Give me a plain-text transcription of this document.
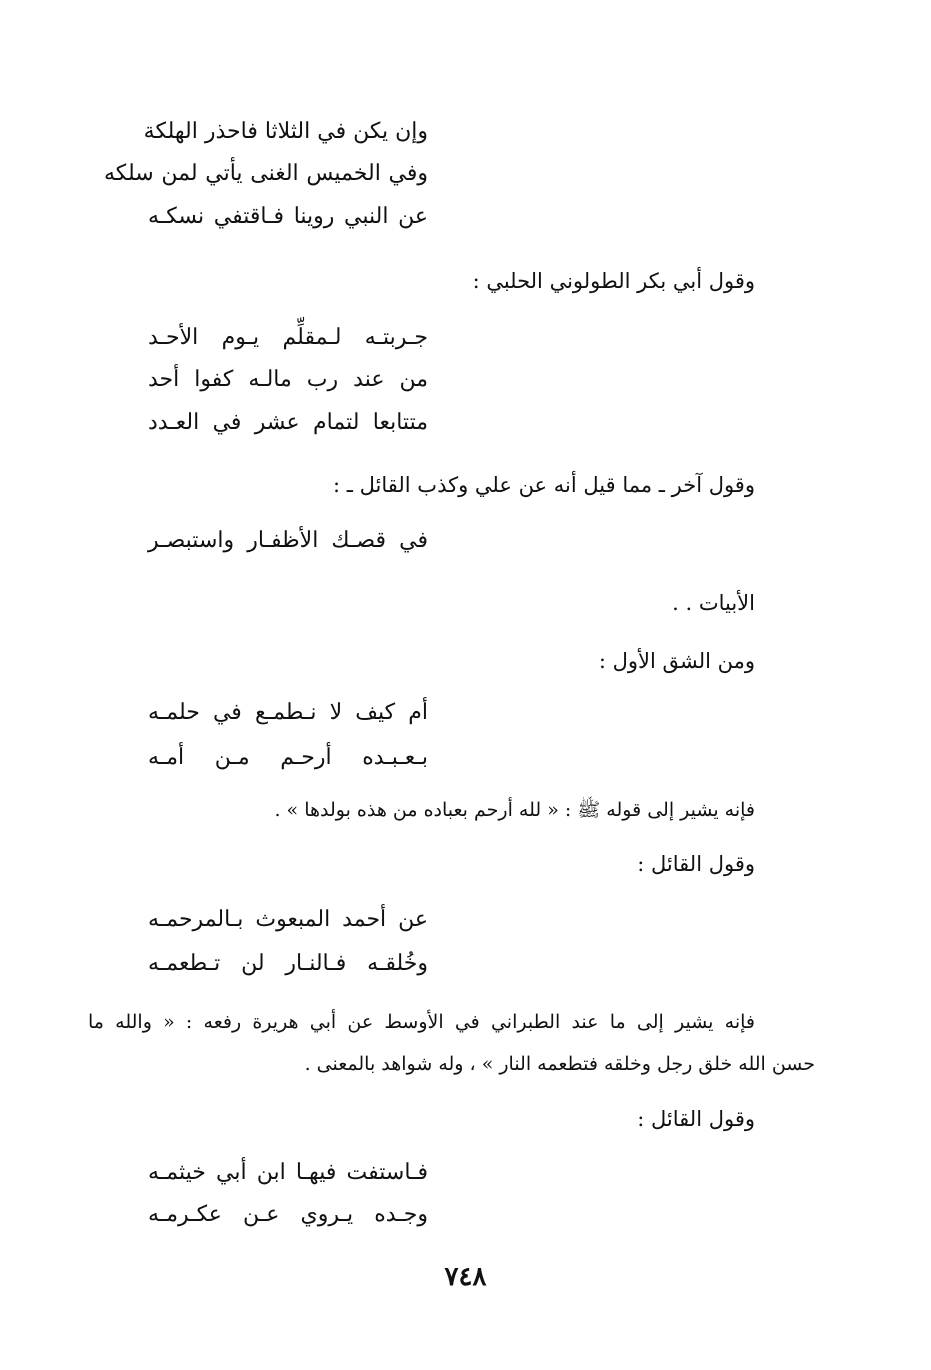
وإن يكن في الثلاثا فاحذر الهلكة
وفي الخميس الغنى يأتي لمن سلكه
عن النبي روينا فـاقتفي نسكـه
وقول أبي بكر الطولوني الحلبي :
جـربتـه لـمقلِّم يـوم الأحـد
من عند رب مالـه كفوا أحد
متتابعا لتمام عشر في العـدد
وقول آخر ـ مما قيل أنه عن علي وكذب القائل ـ :
في قصـك الأظفـار واستبصـر
الأبيات . .
ومن الشق الأول :
أم كيف لا نـطمـع في حلمـه
بـعـبـده أرحـم مـن أمـه
فإنه يشير إلى قوله ﷺ : « لله أرحم بعباده من هذه بولدها » .
وقول القائل :
عن أحمد المبعوث بـالمرحمـه
وخُلقـه فـالنـار لن تـطعمـه
فإنه يشير إلى ما عند الطبراني في الأوسط عن أبي هريرة رفعه : « والله ما
حسن الله خلق رجل وخلقه فتطعمه النار » ، وله شواهد بالمعنى .
وقول القائل :
فـاستفت فيهـا ابن أبي خيثمـه
وجـده يـروي عـن عكـرمـه
٧٤٨
